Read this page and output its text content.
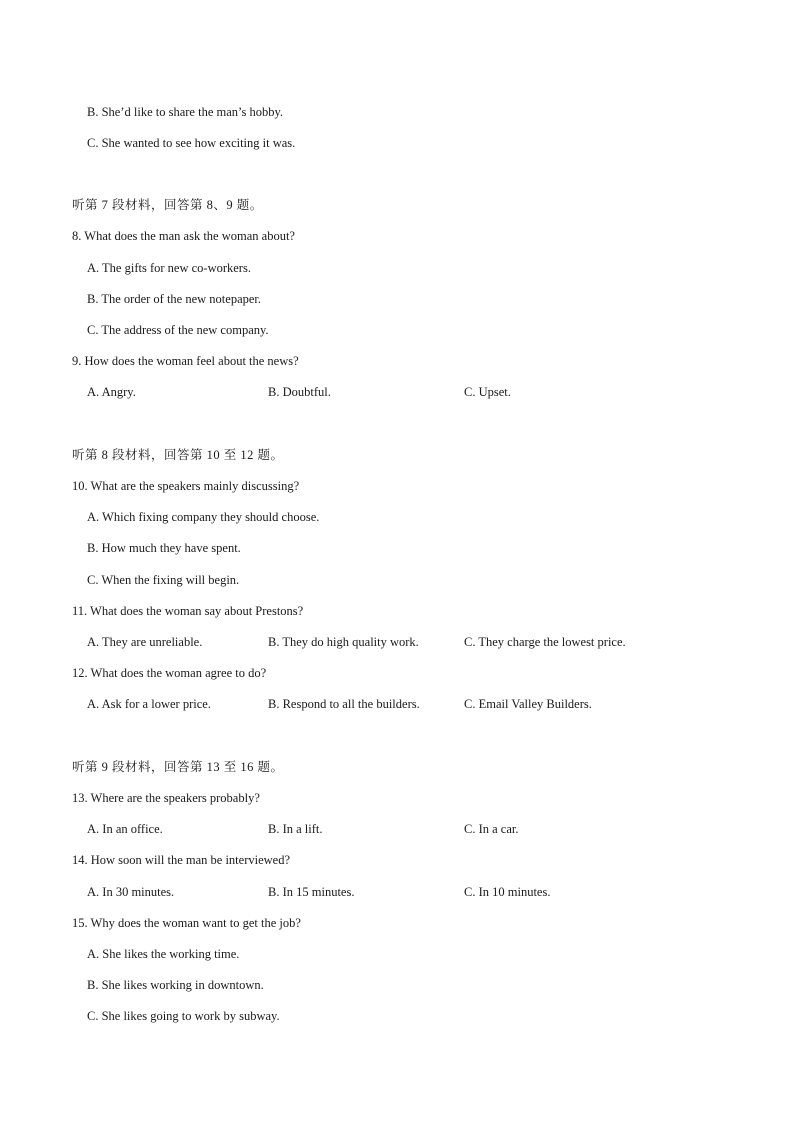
B. She’d like to share the man’s hobby.
C. She wanted to see how exciting it was.
听第 7 段材料，回答第 8、9 题。
8. What does the man ask the woman about?
A. The gifts for new co-workers.
B. The order of the new notepaper.
C. The address of the new company.
9. How does the woman feel about the news?
A. Angry.	B. Doubtful.	C. Upset.
听第 8 段材料，回答第 10 至 12 题。
10. What are the speakers mainly discussing?
A. Which fixing company they should choose.
B. How much they have spent.
C. When the fixing will begin.
11. What does the woman say about Prestons?
A. They are unreliable.	B. They do high quality work.	C. They charge the lowest price.
12. What does the woman agree to do?
A. Ask for a lower price.	B. Respond to all the builders.	C. Email Valley Builders.
听第 9 段材料，回答第 13 至 16 题。
13. Where are the speakers probably?
A. In an office.	B. In a lift.	C. In a car.
14. How soon will the man be interviewed?
A. In 30 minutes.	B. In 15 minutes.	C. In 10 minutes.
15. Why does the woman want to get the job?
A. She likes the working time.
B. She likes working in downtown.
C. She likes going to work by subway.
